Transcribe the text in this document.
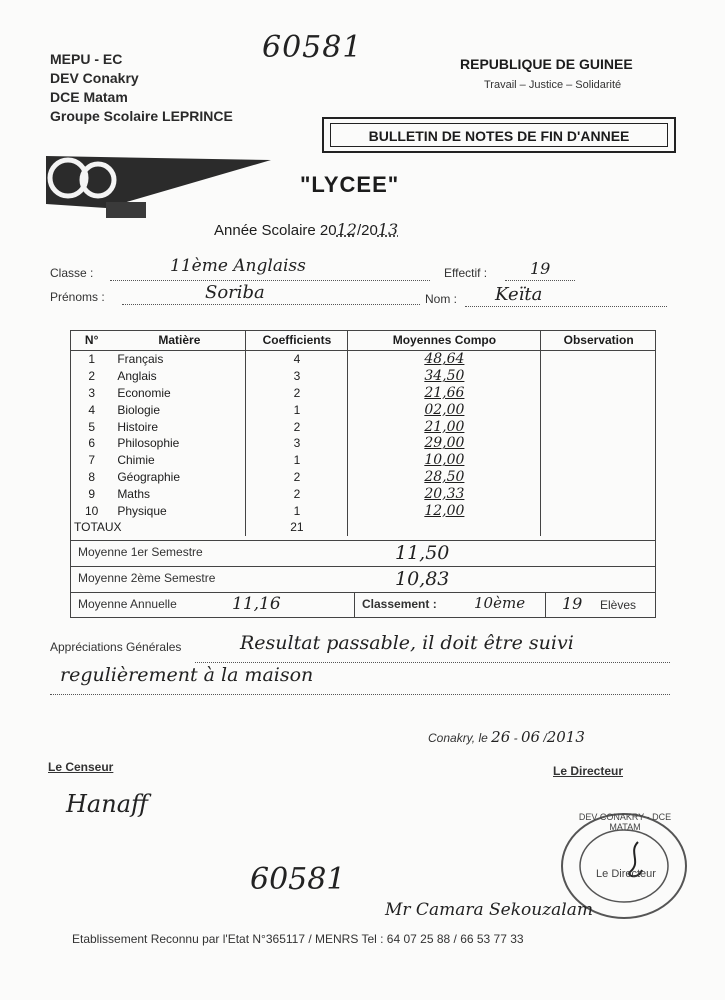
MEPU - EC
DEV Conakry
DCE Matam
Groupe Scolaire LEPRINCE
60581	REPUBLIQUE DE GUINEE
Travail – Justice – Solidarité
BULLETIN DE NOTES DE FIN D'ANNEE
"LYCEE"
Année Scolaire 2012/2013
Classe :	11ème Anglaiss	Effectif :	19
Prénoms :	Soriba	Nom : Keïta
N°	Matière	Coefficients	Moyennes Compo	Observation
1	Français	4	48,64	
2	Anglais	3	34,50	
3	Economie	2	21,66	
4	Biologie	1	02,00	
5	Histoire	2	21,00	
6	Philosophie	3	29,00	
7	Chimie	1	10,00	
8	Géographie	2	28,50	
9	Maths	2	20,33	
10	Physique	1	12,00	
TOTAUX		21		
Moyenne 1er Semestre	11,50
Moyenne 2ème Semestre	10,83
Moyenne Annuelle	11,16	Classement : 10ème 19 Elèves
Appréciations Générales	Resultat passable, il doit être suivi
regulièrement à la maison
Conakry, le 26 - 06 /2013
Le Censeur	Le Directeur
Hanaff	DEV CONAKRY - DCE MATAM
Le Directeur
60581
Mr Camara Sekouzalam
Etablissement Reconnu par l'Etat N°365117 / MENRS Tel : 64 07 25 88 / 66 53 77 33
